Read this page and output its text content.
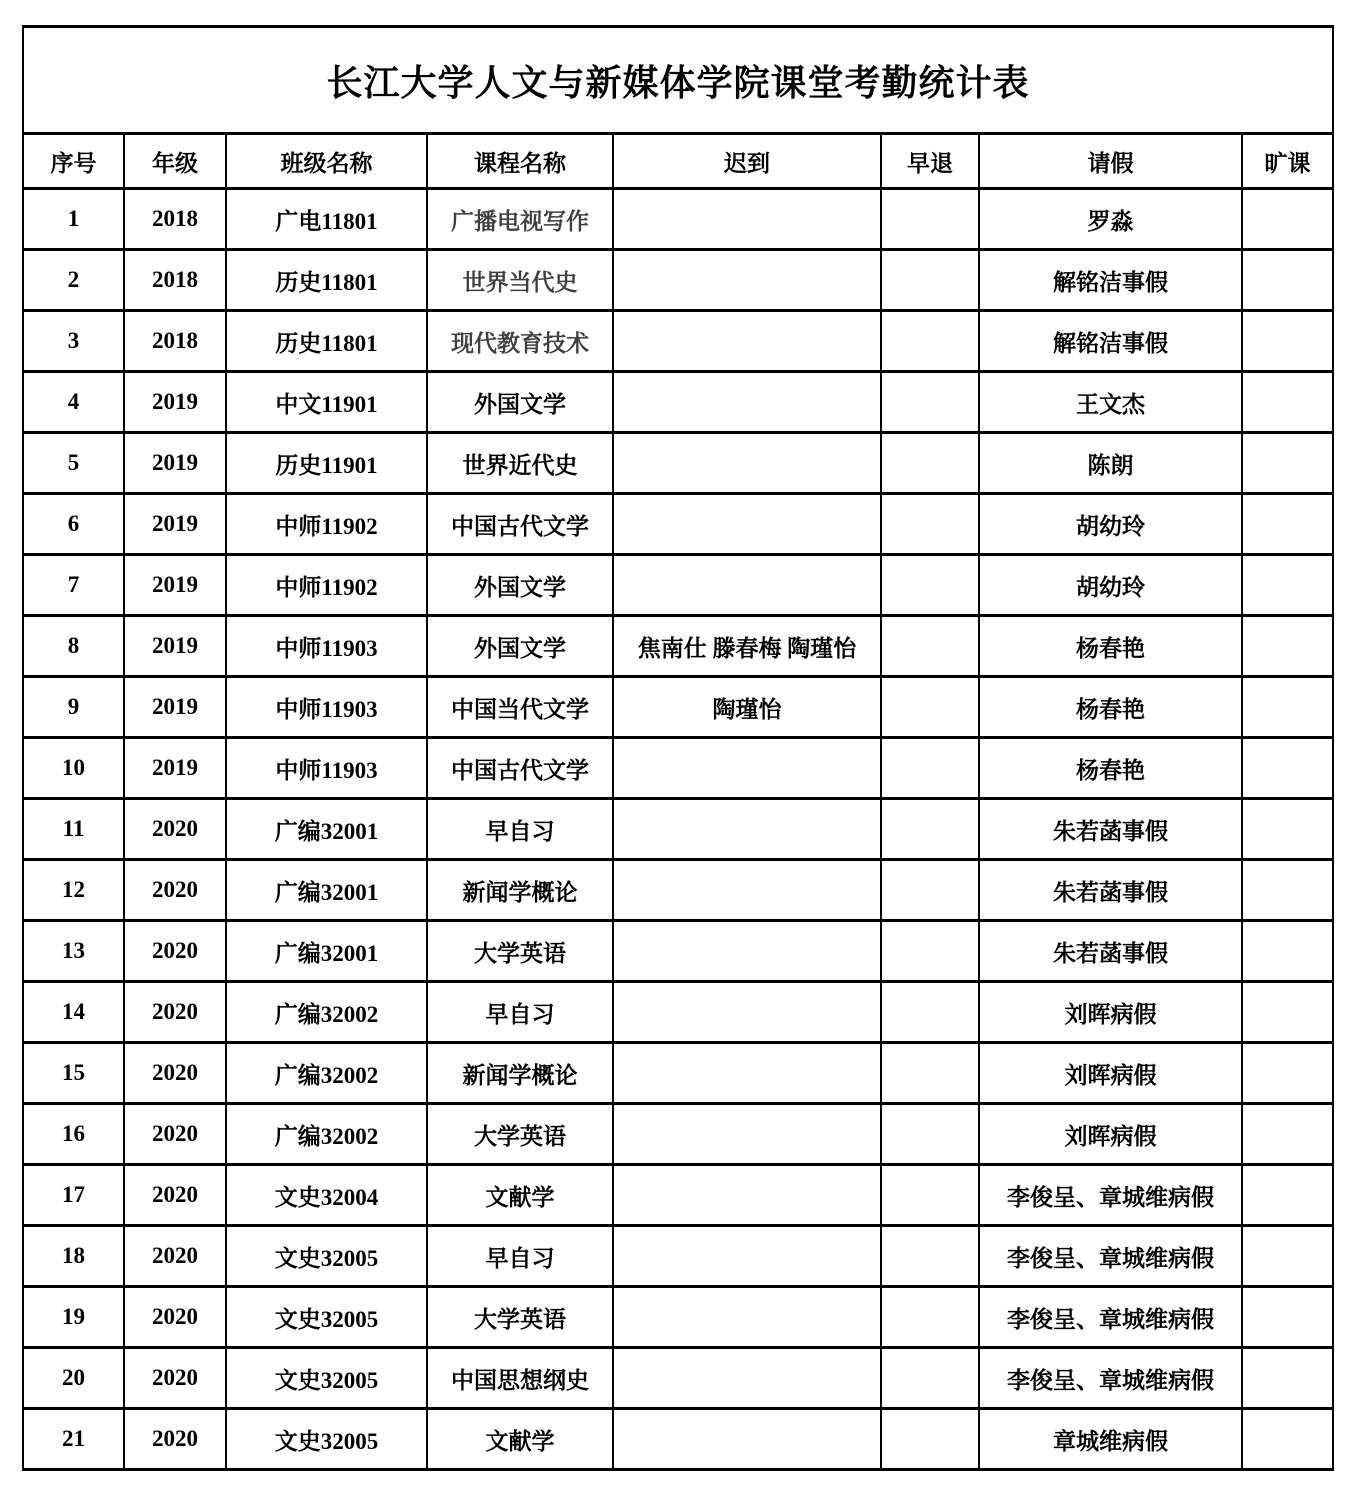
长江大学人文与新媒体学院课堂考勤统计表							
序号	年级	班级名称	课程名称	迟到	早退	请假	旷课
1	2018	广电11801	广播电视写作			罗淼	
2	2018	历史11801	世界当代史			解铭洁事假	
3	2018	历史11801	现代教育技术			解铭洁事假	
4	2019	中文11901	外国文学			王文杰	
5	2019	历史11901	世界近代史			陈朗	
6	2019	中师11902	中国古代文学			胡幼玲	
7	2019	中师11902	外国文学			胡幼玲	
8	2019	中师11903	外国文学	焦南仕 滕春梅 陶瑾怡		杨春艳	
9	2019	中师11903	中国当代文学	陶瑾怡		杨春艳	
10	2019	中师11903	中国古代文学			杨春艳	
11	2020	广编32001	早自习			朱若菡事假	
12	2020	广编32001	新闻学概论			朱若菡事假	
13	2020	广编32001	大学英语			朱若菡事假	
14	2020	广编32002	早自习			刘晖病假	
15	2020	广编32002	新闻学概论			刘晖病假	
16	2020	广编32002	大学英语			刘晖病假	
17	2020	文史32004	文献学			李俊呈、章城维病假	
18	2020	文史32005	早自习			李俊呈、章城维病假	
19	2020	文史32005	大学英语			李俊呈、章城维病假	
20	2020	文史32005	中国思想纲史			李俊呈、章城维病假	
21	2020	文史32005	文献学			章城维病假	
